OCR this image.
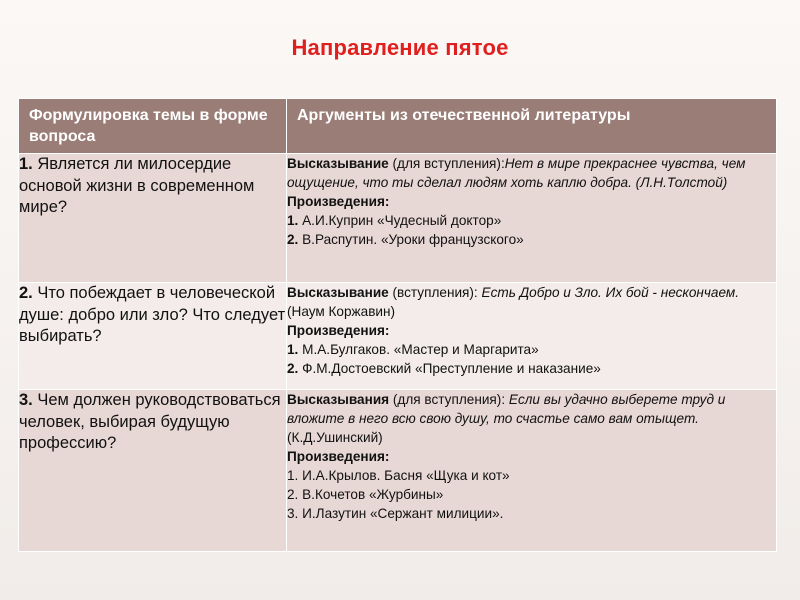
Направление пятое
Формулировка темы в форме вопроса	Аргументы из отечественной литературы
1. Является ли милосердие основой жизни в современном мире?	Высказывание (для вступления):Нет в мире прекраснее чувства, чем ощущение, что ты сделал людям хоть каплю добра. (Л.Н.Толстой)
Произведения:
1. А.И.Куприн «Чудесный доктор»
2. В.Распутин. «Уроки французского»

2. Что побеждает в человеческой душе: добро или зло? Что следует выбирать?	Высказывание (вступления): Есть Добро и Зло. Их бой - нескончаем. (Наум Коржавин)
Произведения:
1. М.А.Булгаков. «Мастер и Маргарита»
2. Ф.М.Достоевский «Преступление и наказание»

3. Чем должен руководствоваться человек, выбирая будущую профессию?	Высказывания (для вступления): Если вы удачно выберете труд и вложите в него всю свою душу, то счастье само вам отыщет. (К.Д.Ушинский)
Произведения:
1. И.А.Крылов. Басня «Щука и кот»
2. В.Кочетов «Журбины»
3. И.Лазутин «Сержант милиции».
